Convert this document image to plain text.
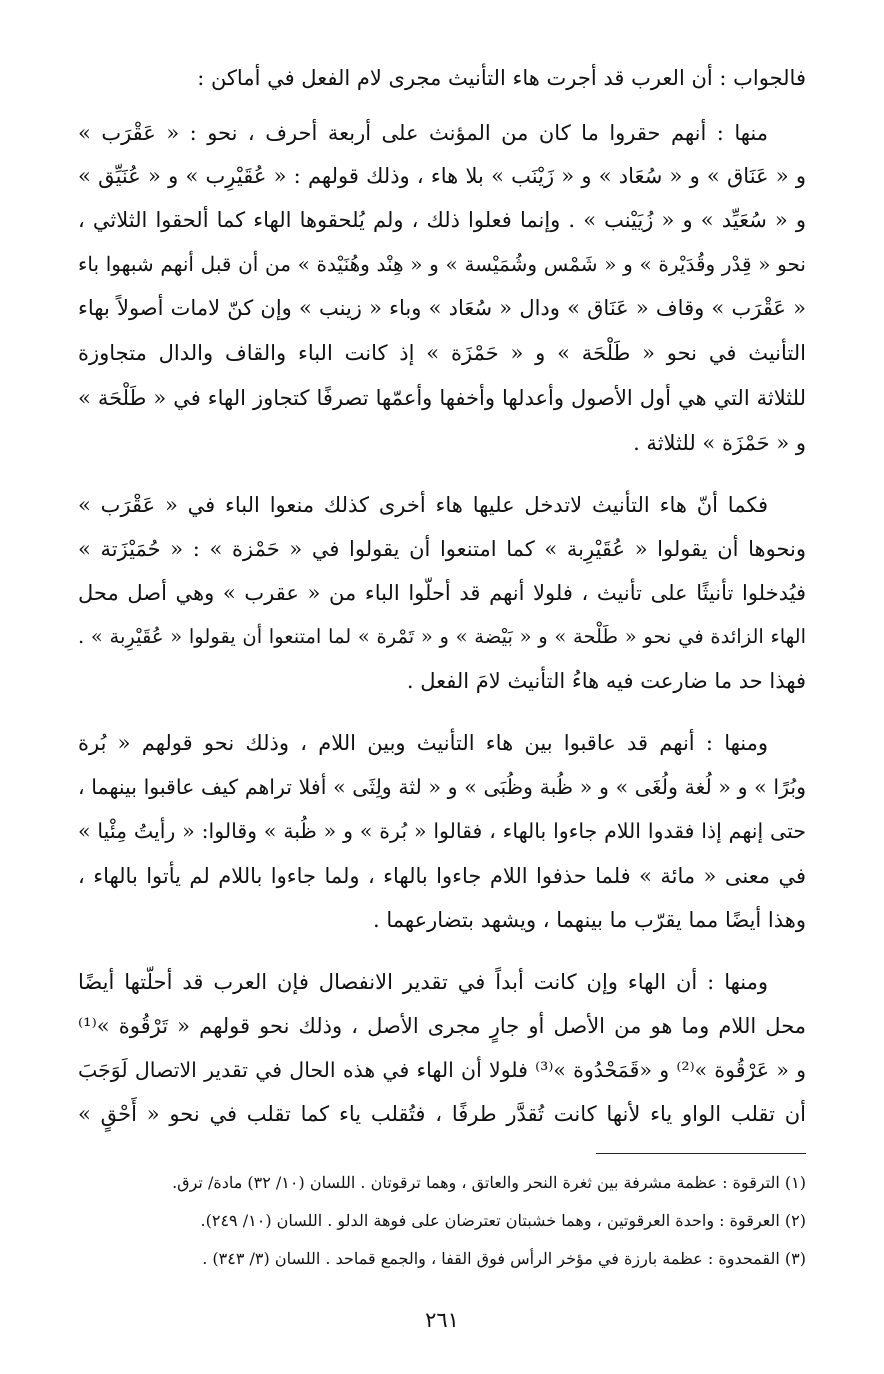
فالجواب : أن العرب قد أجرت هاء التأنيث مجرى لام الفعل في أماكن :
منها : أنهم حقروا ما كان من المؤنث على أربعة أحرف ، نحو : « عَقْرَب »
و « عَنَاق » و « سُعَاد » و « زَيْنَب » بلا هاء ، وذلك قولهم : « عُقَيْرِب » و « عُنَيِّق »
و « سُعَيِّد » و « زُيَيْنب » . وإنما فعلوا ذلك ، ولم يُلحقوها الهاء كما ألحقوا الثلاثي ،
نحو « قِدْر وقُدَيْرة » و « شَمْس وشُمَيْسة » و « هِنْد وهُنَيْدة » من أن قبل أنهم شبهوا باء
« عَقْرَب » وقاف « عَنَاق » ودال « سُعَاد » وباء « زينب » وإن كنّ لامات أصولاً بهاء
التأنيث في نحو « طَلْحَة » و « حَمْزَة » إذ كانت الباء والقاف والدال متجاوزة
للثلاثة التي هي أول الأصول وأعدلها وأخفها وأعمّها تصرفًا كتجاوز الهاء في « طَلْحَة »
و « حَمْزَة » للثلاثة .
فكما أنّ هاء التأنيث لاتدخل عليها هاء أخرى كذلك منعوا الباء في « عَقْرَب »
ونحوها أن يقولوا « عُقَيْرِبة » كما امتنعوا أن يقولوا في « حَمْزة » : « حُمَيْزَتة »
فيُدخلوا تأنيثًا على تأنيث ، فلولا أنهم قد أحلّوا الباء من « عقرب » وهي أصل محل
الهاء الزائدة في نحو « طَلْحة » و « بَيْضة » و « تَمْرة » لما امتنعوا أن يقولوا « عُقَيْرِبة » .
فهذا حد ما ضارعت فيه هاءُ التأنيث لامَ الفعل .
ومنها : أنهم قد عاقبوا بين هاء التأنيث وبين اللام ، وذلك نحو قولهم « بُرة
وبُرًا » و « لُغة ولُغَى » و « ظُبة وظُبَى » و « لثة ولِثَى » أفلا تراهم كيف عاقبوا بينهما ،
حتى إنهم إذا فقدوا اللام جاءوا بالهاء ، فقالوا « بُرة » و « ظُبة » وقالوا: « رأيتُ مِئْيا »
في معنى « مائة » فلما حذفوا اللام جاءوا بالهاء ، ولما جاءوا باللام لم يأتوا بالهاء ،
وهذا أيضًا مما يقرّب ما بينهما ، ويشهد بتضارعهما .
ومنها : أن الهاء وإن كانت أبداً في تقدير الانفصال فإن العرب قد أحلّتها أيضًا
محل اللام وما هو من الأصل أو جارٍ مجرى الأصل ، وذلك نحو قولهم « تَرْقُوة »⁽¹⁾
و « عَرْقُوة »⁽²⁾ و «قَمَحْدُوة »⁽³⁾ فلولا أن الهاء في هذه الحال في تقدير الاتصال لَوَجَبَ
أن تقلب الواو ياء لأنها كانت تُقدَّر طرفًا ، فتُقلب ياء كما تقلب في نحو « أَحْقٍ »
(١) الترقوة : عظمة مشرفة بين ثغرة النحر والعاتق ، وهما ترقوتان . اللسان (١٠/ ٣٢) مادة/ ترق.
(٢) العرقوة : واحدة العرقوتين ، وهما خشبتان تعترضان على فوهة الدلو . اللسان (١٠/ ٢٤٩).
(٣) القمحدوة : عظمة بارزة في مؤخر الرأس فوق القفا ، والجمع قماحد . اللسان (٣/ ٣٤٣) .
٢٦١
